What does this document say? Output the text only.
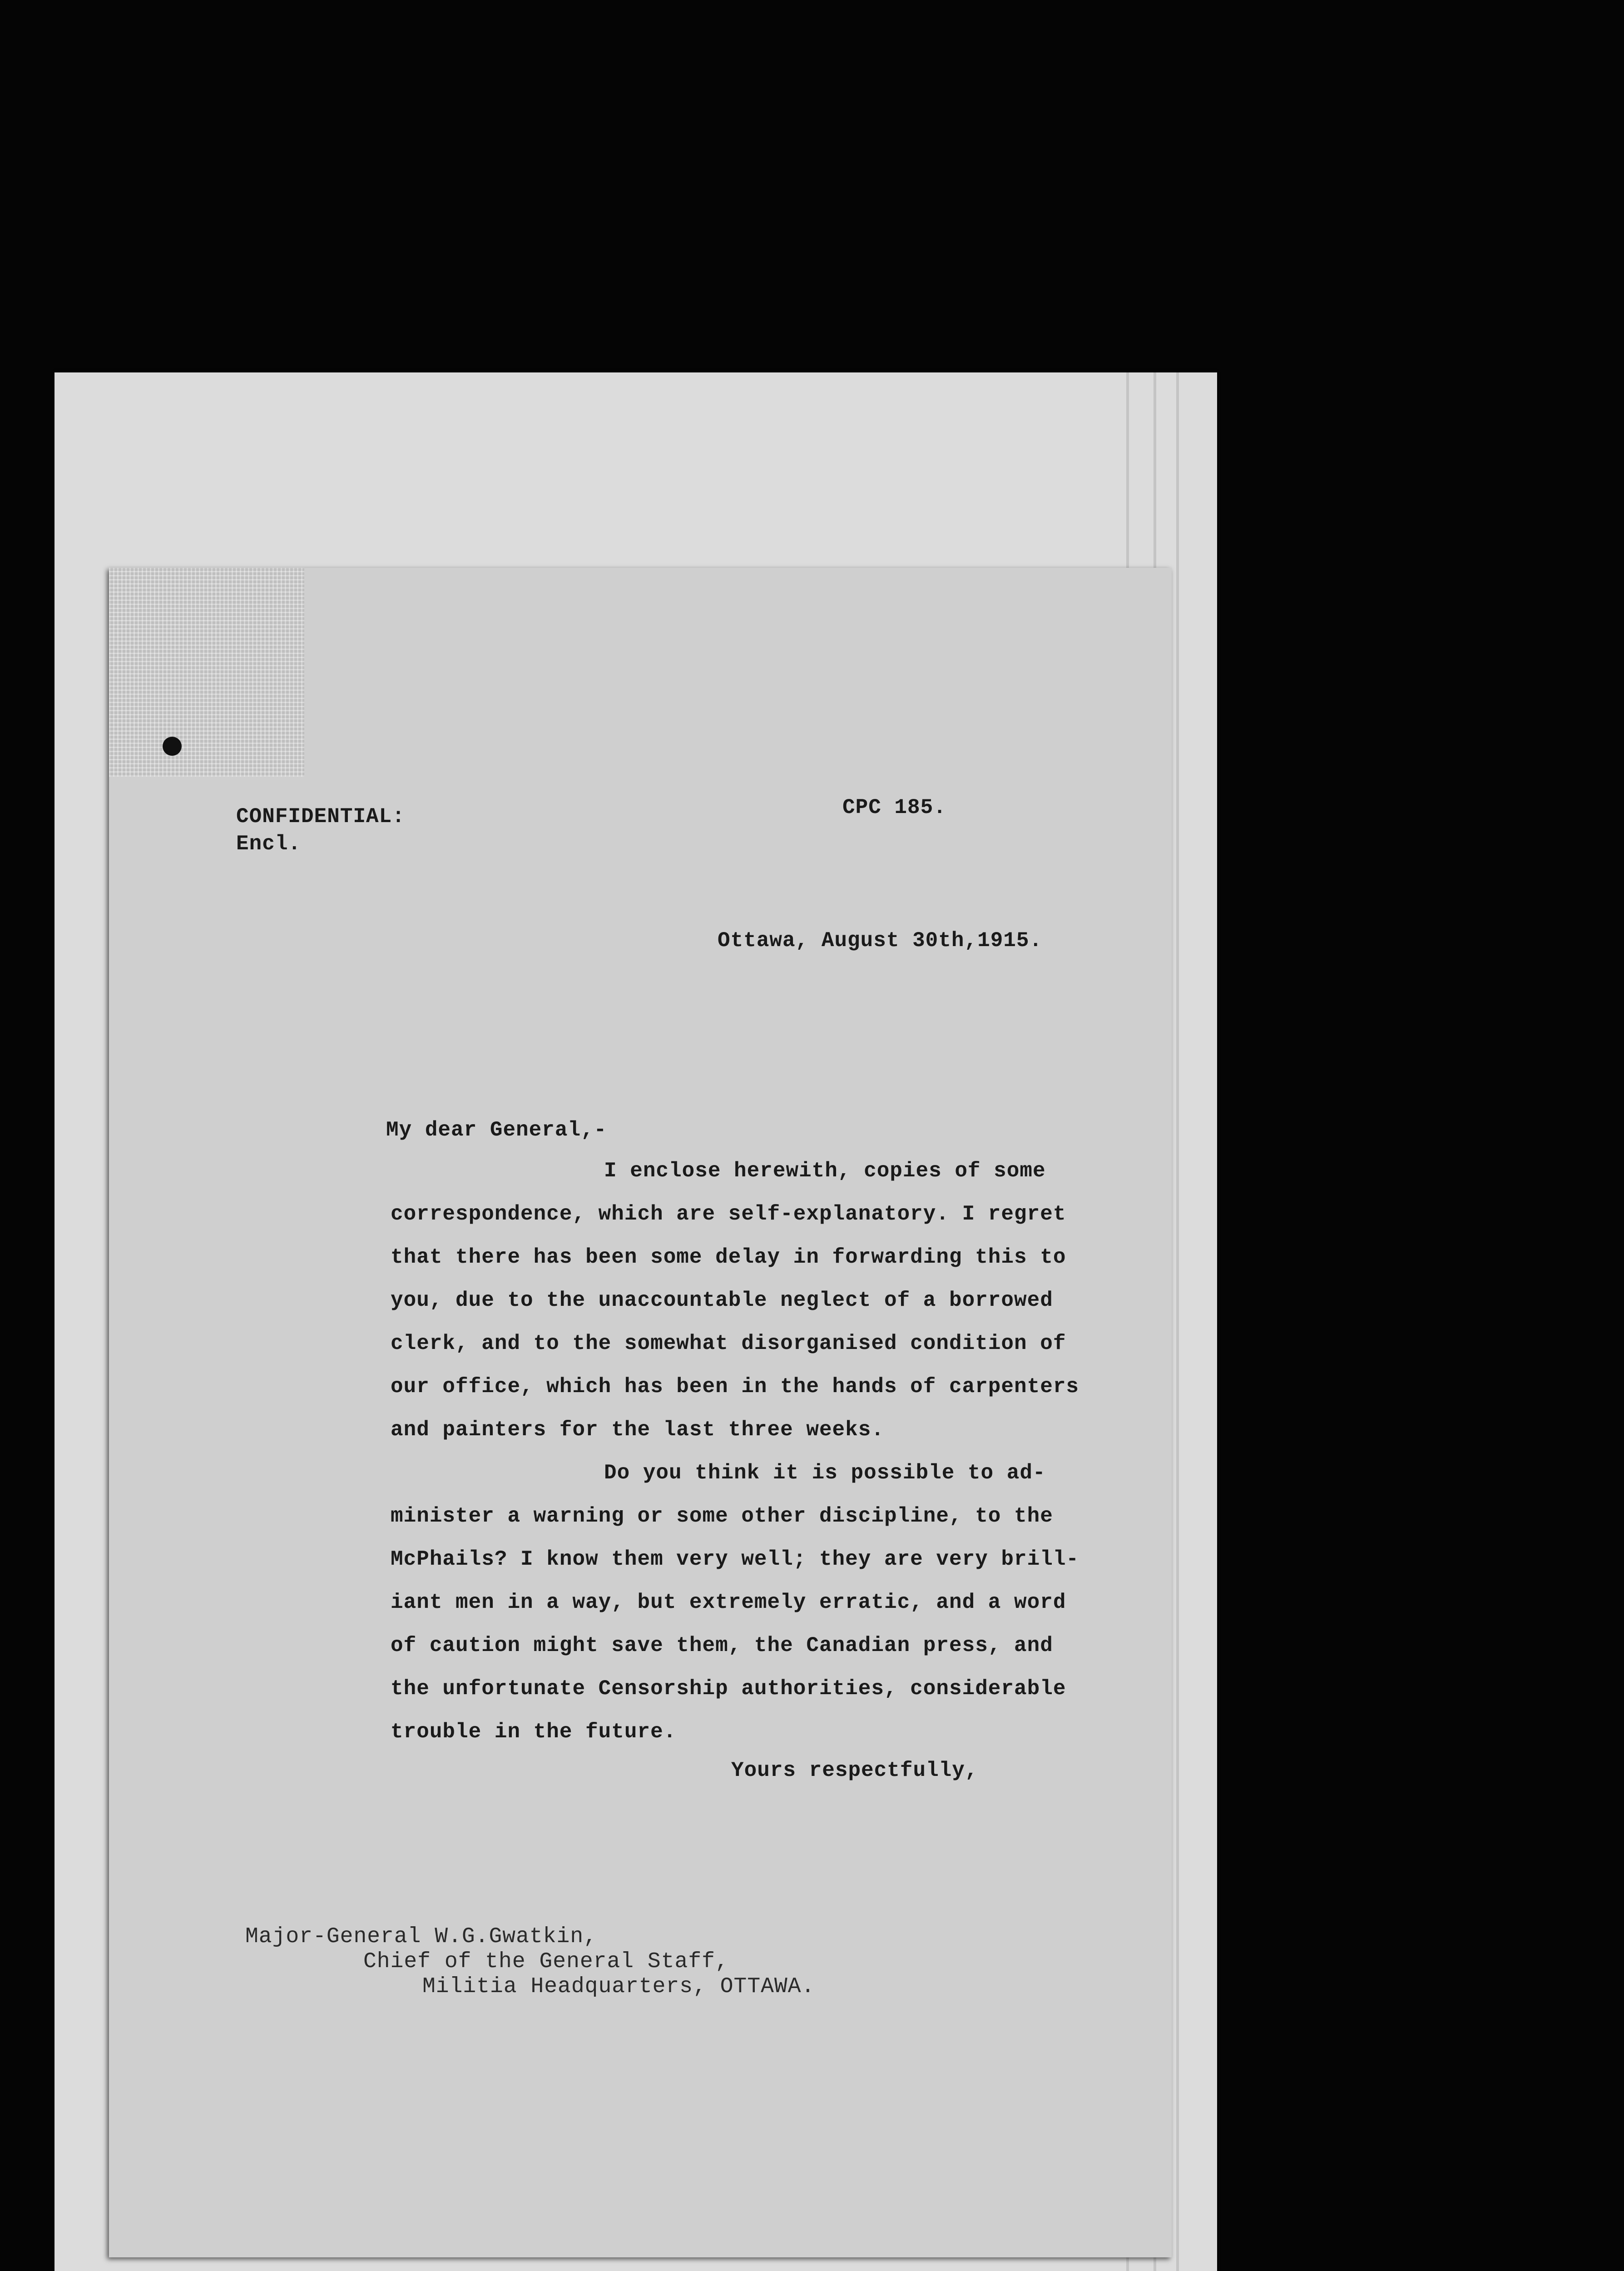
CONFIDENTIAL:
Encl.
CPC 185.
Ottawa, August 30th,1915.
My dear General,-
I enclose herewith, copies of some
correspondence, which are self-explanatory. I regret
that there has been some delay in forwarding this to
you, due to the unaccountable neglect of a borrowed
clerk, and to the somewhat disorganised condition of
our office, which has been in the hands of carpenters
and painters for the last three weeks.
Do you think it is possible to ad-
minister a warning or some other discipline, to the
McPhails? I know them very well; they are very brill-
iant men in a way, but extremely erratic, and a word
of caution might save them, the Canadian press, and
the unfortunate Censorship authorities, considerable
trouble in the future.
Yours respectfully,
Major-General W.G.Gwatkin,
Chief of the General Staff,
Militia Headquarters, OTTAWA.
